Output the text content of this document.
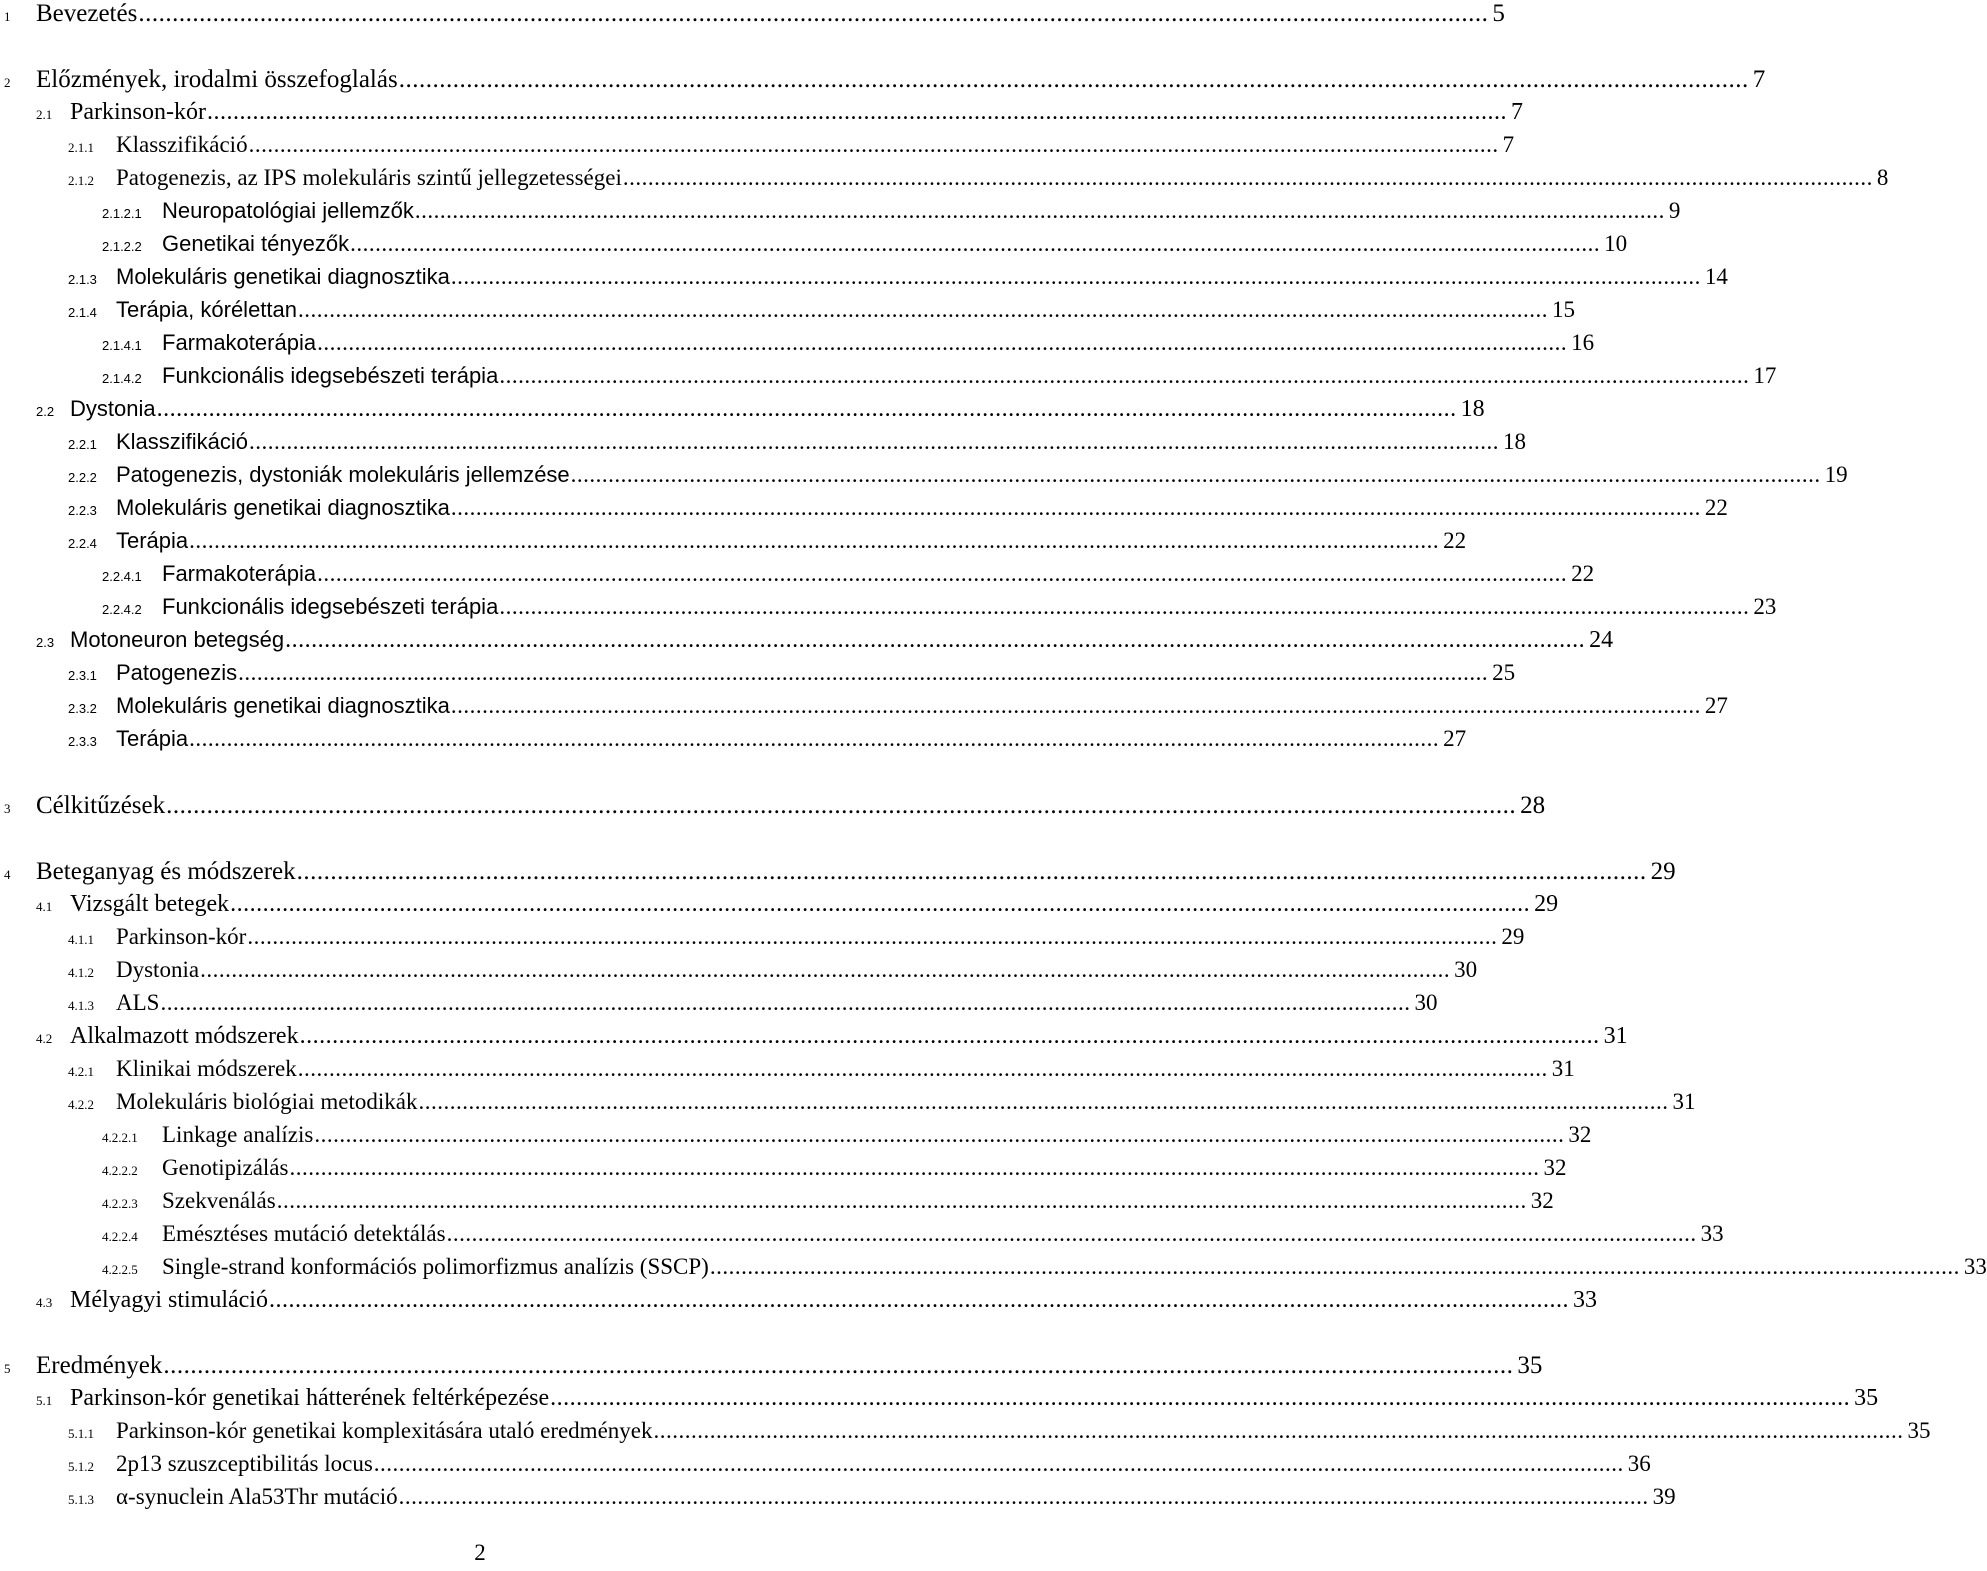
1	Bevezetés ........................................................................................................................................................................................................ 5
2	Előzmények, irodalmi összefoglalás ........................................................................................................................................................................................................ 7
2.1 Parkinson-kór ........................................................................................................................................................................................................ 7
2.1.1 Klasszifikáció ........................................................................................................................................................................................................ 7
2.1.2 Patogenezis, az IPS molekuláris szintű jellegzetességei ........................................................................................................................................................................................................ 8
2.1.2.1 Neuropatológiai jellemzők ........................................................................................................................................................................................................ 9
2.1.2.2 Genetikai tényezők ........................................................................................................................................................................................................ 10
2.1.3 Molekuláris genetikai diagnosztika ........................................................................................................................................................................................................ 14
2.1.4 Terápia, kórélettan ........................................................................................................................................................................................................ 15
2.1.4.1 Farmakoterápia ........................................................................................................................................................................................................ 16
2.1.4.2 Funkcionális idegsebészeti terápia ........................................................................................................................................................................................................ 17
2.2 Dystonia ........................................................................................................................................................................................................ 18
2.2.1 Klasszifikáció ........................................................................................................................................................................................................ 18
2.2.2 Patogenezis, dystoniák molekuláris jellemzése ........................................................................................................................................................................................................ 19
2.2.3 Molekuláris genetikai diagnosztika ........................................................................................................................................................................................................ 22
2.2.4 Terápia ........................................................................................................................................................................................................ 22
2.2.4.1 Farmakoterápia ........................................................................................................................................................................................................ 22
2.2.4.2 Funkcionális idegsebészeti terápia ........................................................................................................................................................................................................ 23
2.3 Motoneuron betegség ........................................................................................................................................................................................................ 24
2.3.1 Patogenezis ........................................................................................................................................................................................................ 25
2.3.2 Molekuláris genetikai diagnosztika ........................................................................................................................................................................................................ 27
2.3.3 Terápia ........................................................................................................................................................................................................ 27
3	Célkitűzések ........................................................................................................................................................................................................ 28
4	Beteganyag és módszerek ........................................................................................................................................................................................................ 29
4.1 Vizsgált betegek ........................................................................................................................................................................................................ 29
4.1.1 Parkinson-kór ........................................................................................................................................................................................................ 29
4.1.2 Dystonia ........................................................................................................................................................................................................ 30
4.1.3 ALS ........................................................................................................................................................................................................ 30
4.2 Alkalmazott módszerek ........................................................................................................................................................................................................ 31
4.2.1 Klinikai módszerek ........................................................................................................................................................................................................ 31
4.2.2 Molekuláris biológiai metodikák ........................................................................................................................................................................................................ 31
4.2.2.1	Linkage analízis ........................................................................................................................................................................................................ 32
4.2.2.2	Genotipizálás ........................................................................................................................................................................................................ 32
4.2.2.3	Szekvenálás ........................................................................................................................................................................................................ 32
4.2.2.4	Emésztéses mutáció detektálás ........................................................................................................................................................................................................ 33
4.2.2.5	Single-strand konformációs polimorfizmus analízis (SSCP) ........................................................................................................................................................................................................ 33
4.3 Mélyagyi stimuláció ........................................................................................................................................................................................................ 33
5	Eredmények ........................................................................................................................................................................................................ 35
5.1 Parkinson-kór genetikai hátterének feltérképezése ........................................................................................................................................................................................................ 35
5.1.1 Parkinson-kór genetikai komplexitására utaló eredmények ........................................................................................................................................................................................................ 35
5.1.2 2p13 szuszceptibilitás locus ........................................................................................................................................................................................................ 36
5.1.3 α-synuclein Ala53Thr mutáció ........................................................................................................................................................................................................ 39
2
